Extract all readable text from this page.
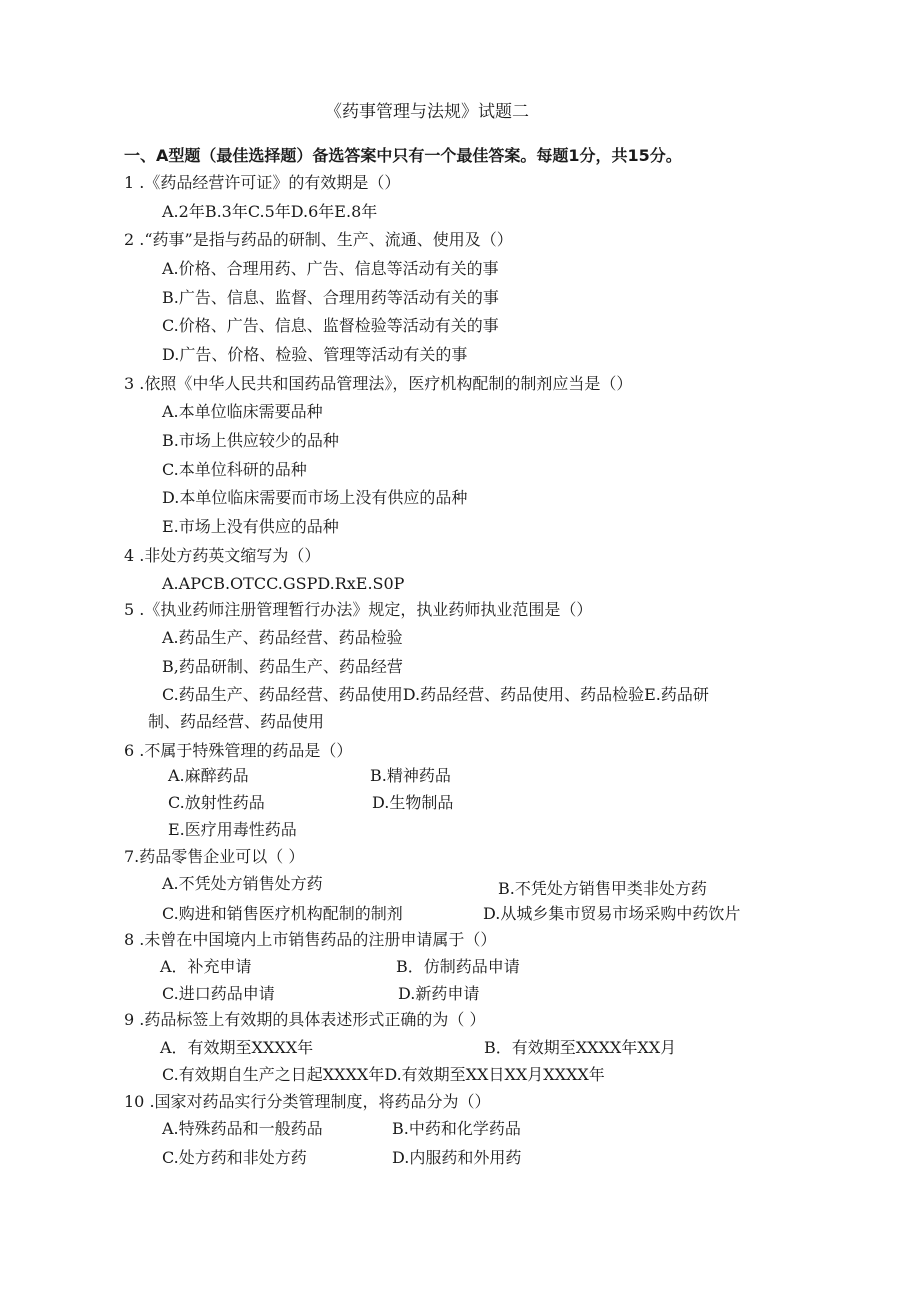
《药事管理与法规》试题二
一、A型题（最佳选择题）备选答案中只有一个最佳答案。每题1分，共15分。
1 .《药品经营许可证》的有效期是（）
A.2年B.3年C.5年D.6年E.8年
2 .“药事”是指与药品的研制、生产、流通、使用及（）
A.价格、合理用药、广告、信息等活动有关的事
B.广告、信息、监督、合理用药等活动有关的事
C.价格、广告、信息、监督检验等活动有关的事
D.广告、价格、检验、管理等活动有关的事
3 .依照《中华人民共和国药品管理法》，医疗机构配制的制剂应当是（）
A.本单位临床需要品种
B.市场上供应较少的品种
C.本单位科研的品种
D.本单位临床需要而市场上没有供应的品种
E.市场上没有供应的品种
4 .非处方药英文缩写为（）
A.APCB.OTCC.GSPD.RxE.S0P
5 .《执业药师注册管理暂行办法》规定，执业药师执业范围是（）
A.药品生产、药品经营、药品检验
B,药品研制、药品生产、药品经营
C.药品生产、药品经营、药品使用D.药品经营、药品使用、药品检验E.药品研
制、药品经营、药品使用
6 .不属于特殊管理的药品是（）
A.麻醉药品	B.精神药品
C.放射性药品	D.生物制品
E.医疗用毒性药品
7.药品零售企业可以（ ）
A.不凭处方销售处方药	B.不凭处方销售甲类非处方药
C.购进和销售医疗机构配制的制剂	D.从城乡集市贸易市场采购中药饮片
8 .未曾在中国境内上市销售药品的注册申请属于（）
A．补充申请	B．仿制药品申请
C.进口药品申请	D.新药申请
9 .药品标签上有效期的具体表述形式正确的为（ ）
A．有效期至XXXX年	B．有效期至XXXX年XX月
C.有效期自生产之日起XXXX年D.有效期至XX日XX月XXXX年
10 .国家对药品实行分类管理制度，将药品分为（）
A.特殊药品和一般药品	B.中药和化学药品
C.处方药和非处方药	D.内服药和外用药
